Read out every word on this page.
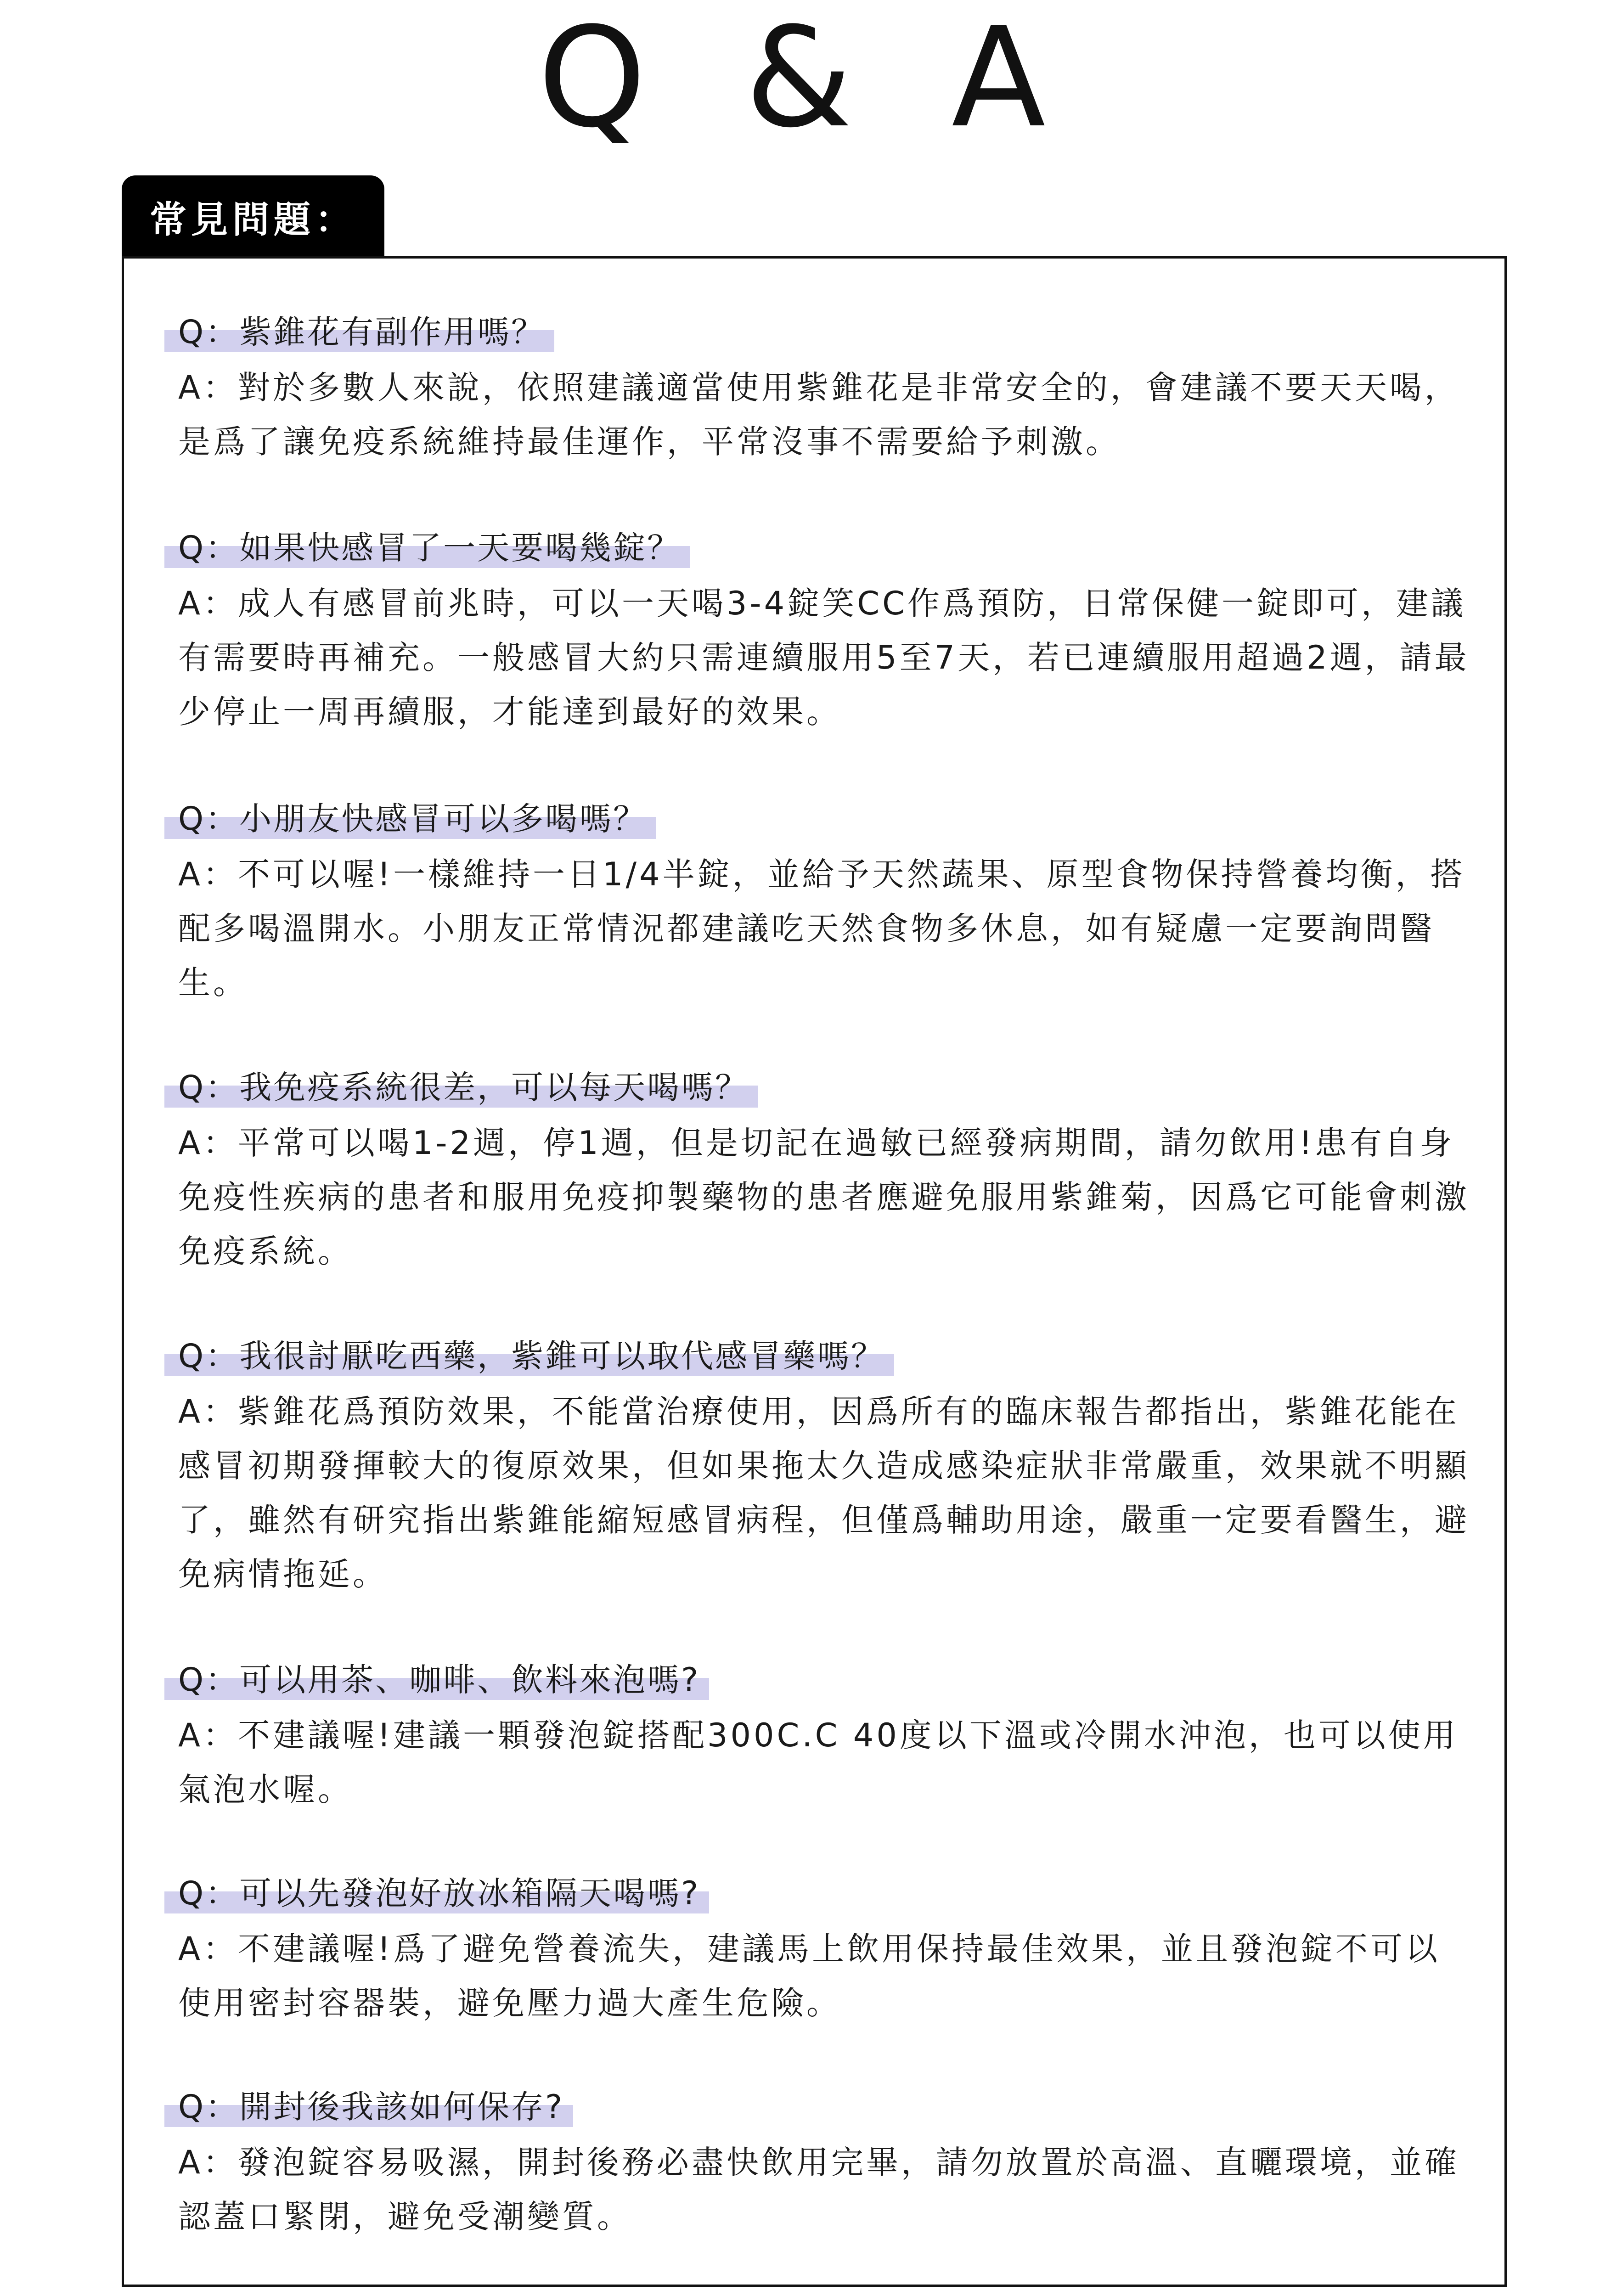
Q & A
常見問題：
Q：紫錐花有副作用嗎？
A：對於多數人來說，依照建議適當使用紫錐花是非常安全的，會建議不要天天喝，是爲了讓免疫系統維持最佳運作，平常沒事不需要給予刺激。
Q：如果快感冒了一天要喝幾錠？
A：成人有感冒前兆時，可以一天喝3-4錠笑CC作爲預防，日常保健一錠即可，建議有需要時再補充。一般感冒大約只需連續服用5至7天，若已連續服用超過2週，請最少停止一周再續服，才能達到最好的效果。
Q：小朋友快感冒可以多喝嗎？
A：不可以喔!一樣維持一日1/4半錠，並給予天然蔬果、原型食物保持營養均衡，搭配多喝溫開水。小朋友正常情況都建議吃天然食物多休息，如有疑慮一定要詢問醫生。
Q：我免疫系統很差，可以每天喝嗎？
A：平常可以喝1-2週，停1週，但是切記在過敏已經發病期間，請勿飲用!患有自身免疫性疾病的患者和服用免疫抑製藥物的患者應避免服用紫錐菊，因爲它可能會刺激免疫系統。
Q：我很討厭吃西藥，紫錐可以取代感冒藥嗎？
A：紫錐花爲預防效果，不能當治療使用，因爲所有的臨床報告都指出，紫錐花能在感冒初期發揮較大的復原效果，但如果拖太久造成感染症狀非常嚴重，效果就不明顯了，雖然有研究指出紫錐能縮短感冒病程，但僅爲輔助用途，嚴重一定要看醫生，避免病情拖延。
Q：可以用茶、咖啡、飲料來泡嗎?
A：不建議喔!建議一顆發泡錠搭配300C.C 40度以下溫或冷開水沖泡，也可以使用氣泡水喔。
Q：可以先發泡好放冰箱隔天喝嗎?
A：不建議喔!爲了避免營養流失，建議馬上飲用保持最佳效果，並且發泡錠不可以使用密封容器裝，避免壓力過大產生危險。
Q：開封後我該如何保存?
A：發泡錠容易吸濕，開封後務必盡快飲用完畢，請勿放置於高溫、直曬環境，並確認蓋口緊閉，避免受潮變質。
